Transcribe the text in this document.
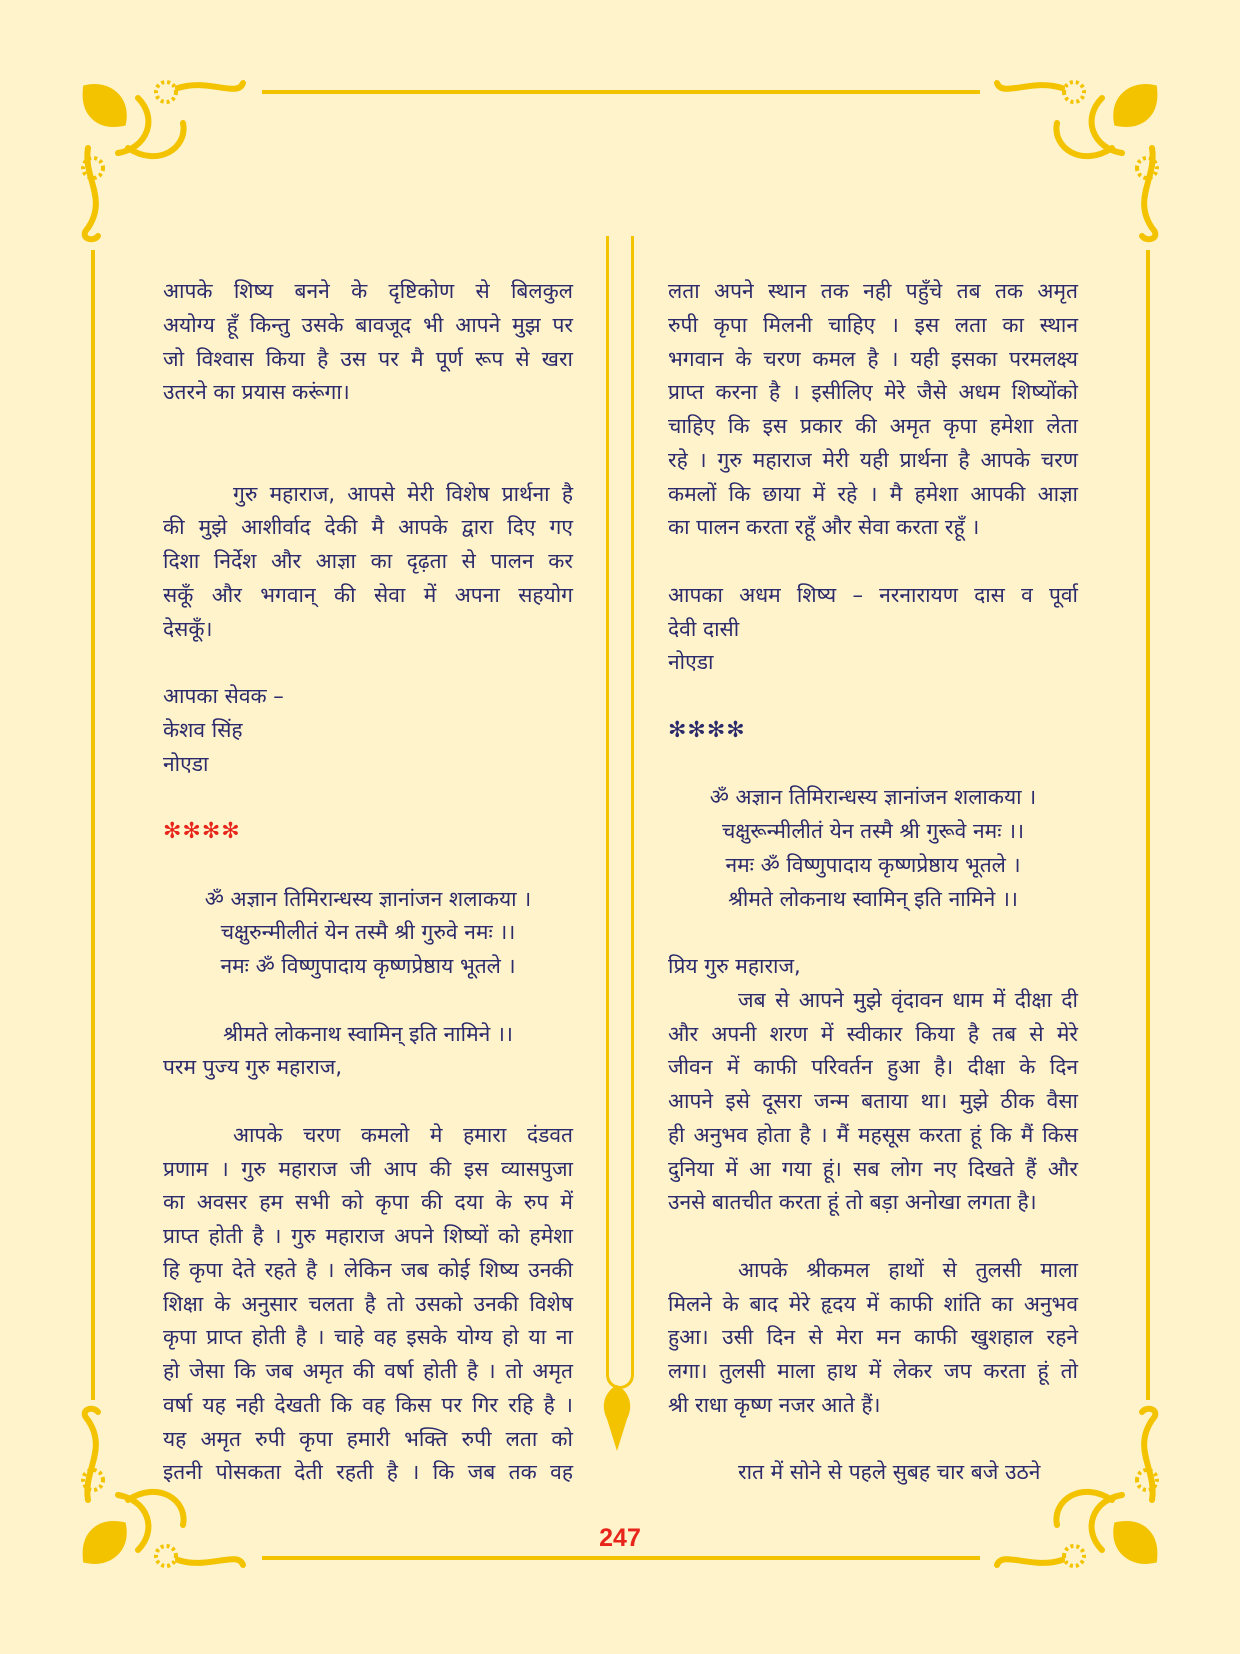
आपके शिष्य बनने के दृष्टिकोण से बिलकुल
अयोग्य हूँ किन्तु उसके बावजूद भी आपने मुझ पर
जो विश्वास किया है उस पर मै पूर्ण रूप से खरा
उतरने का प्रयास करूंगा।
गुरु महाराज, आपसे मेरी विशेष प्रार्थना है
की मुझे आशीर्वाद देकी मै आपके द्वारा दिए गए
दिशा निर्देश और आज्ञा का दृढ़ता से पालन कर
सकूँ और भगवान् की सेवा में अपना सहयोग
देसकूँ।
आपका सेवक –
केशव सिंह
नोएडा
✻✻✻✻
ॐ अज्ञान तिमिरान्धस्य ज्ञानांजन शलाकया ।
चक्षुरुन्मीलीतं येन तस्मै श्री गुरुवे नमः ।।
नमः ॐ विष्णुपादाय कृष्णप्रेष्ठाय भूतले ।
श्रीमते लोकनाथ स्वामिन् इति नामिने ।।
परम पुज्य गुरु महाराज,
आपके चरण कमलो मे हमारा दंडवत
प्रणाम । गुरु महाराज जी आप की इस व्यासपुजा
का अवसर हम सभी को कृपा की दया के रुप में
प्राप्त होती है । गुरु महाराज अपने शिष्यों को हमेशा
हि कृपा देते रहते है । लेकिन जब कोई शिष्य उनकी
शिक्षा के अनुसार चलता है तो उसको उनकी विशेष
कृपा प्राप्त होती है । चाहे वह इसके योग्य हो या ना
हो जेसा कि जब अमृत की वर्षा होती है । तो अमृत
वर्षा यह नही देखती कि वह किस पर गिर रहि है ।
यह अमृत रुपी कृपा हमारी भक्ति रुपी लता को
इतनी पोसकता देती रहती है । कि जब तक वह
लता अपने स्थान तक नही पहुँचे तब तक अमृत
रुपी कृपा मिलनी चाहिए । इस लता का स्थान
भगवान के चरण कमल है । यही इसका परमलक्ष्य
प्राप्त करना है । इसीलिए मेरे जैसे अधम शिष्योंको
चाहिए कि इस प्रकार की अमृत कृपा हमेशा लेता
रहे । गुरु महाराज मेरी यही प्रार्थना है आपके चरण
कमलों कि छाया में रहे । मै हमेशा आपकी आज्ञा
का पालन करता रहूँ और सेवा करता रहूँ ।
आपका अधम शिष्य – नरनारायण दास व पूर्वा
देवी दासी
नोएडा
✻✻✻✻
ॐ अज्ञान तिमिरान्धस्य ज्ञानांजन शलाकया ।
चक्षुरून्मीलीतं येन तस्मै श्री गुरूवे नमः ।।
नमः ॐ विष्णुपादाय कृष्णप्रेष्ठाय भूतले ।
श्रीमते लोकनाथ स्वामिन् इति नामिने ।।
प्रिय गुरु महाराज,
जब से आपने मुझे वृंदावन धाम में दीक्षा दी
और अपनी शरण में स्वीकार किया है तब से मेरे
जीवन में काफी परिवर्तन हुआ है। दीक्षा के दिन
आपने इसे दूसरा जन्म बताया था। मुझे ठीक वैसा
ही अनुभव होता है । मैं महसूस करता हूं कि मैं किस
दुनिया में आ गया हूं। सब लोग नए दिखते हैं और
उनसे बातचीत करता हूं तो बड़ा अनोखा लगता है।
आपके श्रीकमल हाथों से तुलसी माला
मिलने के बाद मेरे हृदय में काफी शांति का अनुभव
हुआ। उसी दिन से मेरा मन काफी खुशहाल रहने
लगा। तुलसी माला हाथ में लेकर जप करता हूं तो
श्री राधा कृष्ण नजर आते हैं।
रात में सोने से पहले सुबह चार बजे उठने
247
